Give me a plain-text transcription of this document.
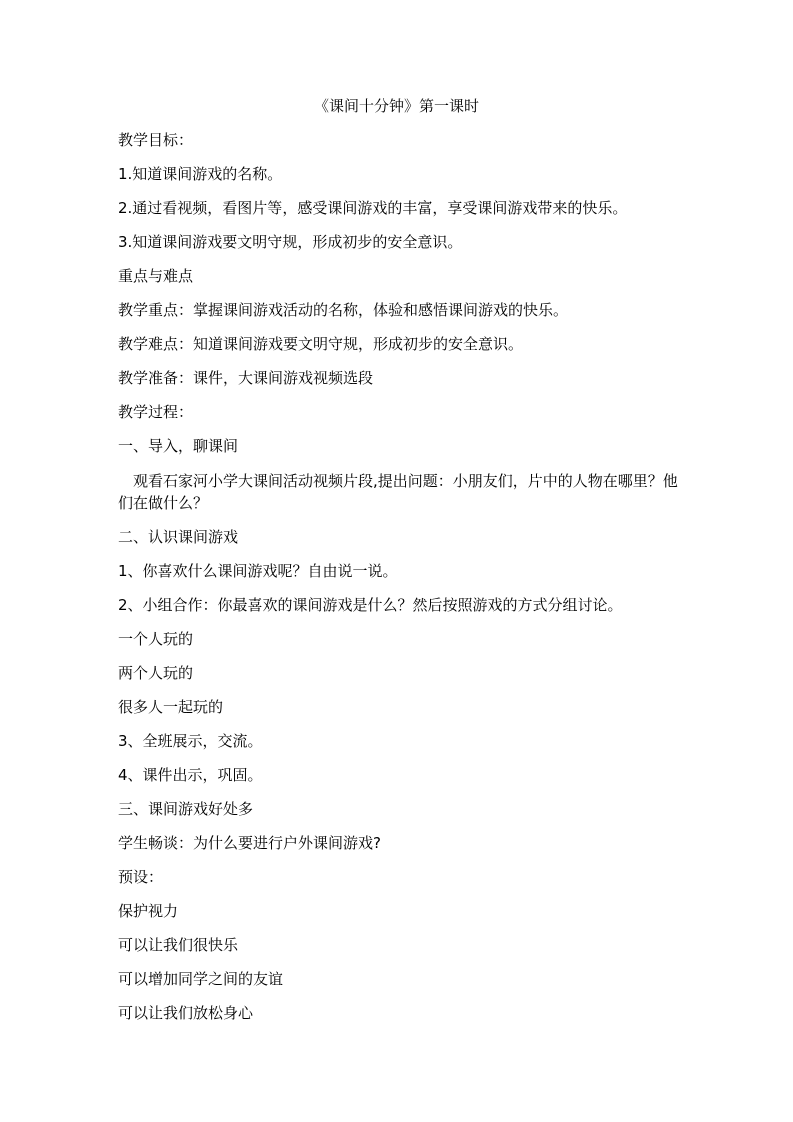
《课间十分钟》第一课时

教学目标：

1.知道课间游戏的名称。

2.通过看视频，看图片等，感受课间游戏的丰富，享受课间游戏带来的快乐。

3.知道课间游戏要文明守规，形成初步的安全意识。

重点与难点

教学重点：掌握课间游戏活动的名称，体验和感悟课间游戏的快乐。

教学难点：知道课间游戏要文明守规，形成初步的安全意识。

教学准备：课件，大课间游戏视频选段

教学过程：

一、导入，聊课间

观看石家河小学大课间活动视频片段,提出问题：小朋友们，片中的人物在哪里？他们在做什么？

二、认识课间游戏

1、你喜欢什么课间游戏呢？自由说一说。

2、小组合作：你最喜欢的课间游戏是什么？然后按照游戏的方式分组讨论。

一个人玩的

两个人玩的

很多人一起玩的

3、全班展示，交流。

4、课件出示，巩固。

三、课间游戏好处多

学生畅谈：为什么要进行户外课间游戏?

预设：

保护视力

可以让我们很快乐

可以增加同学之间的友谊

可以让我们放松身心
